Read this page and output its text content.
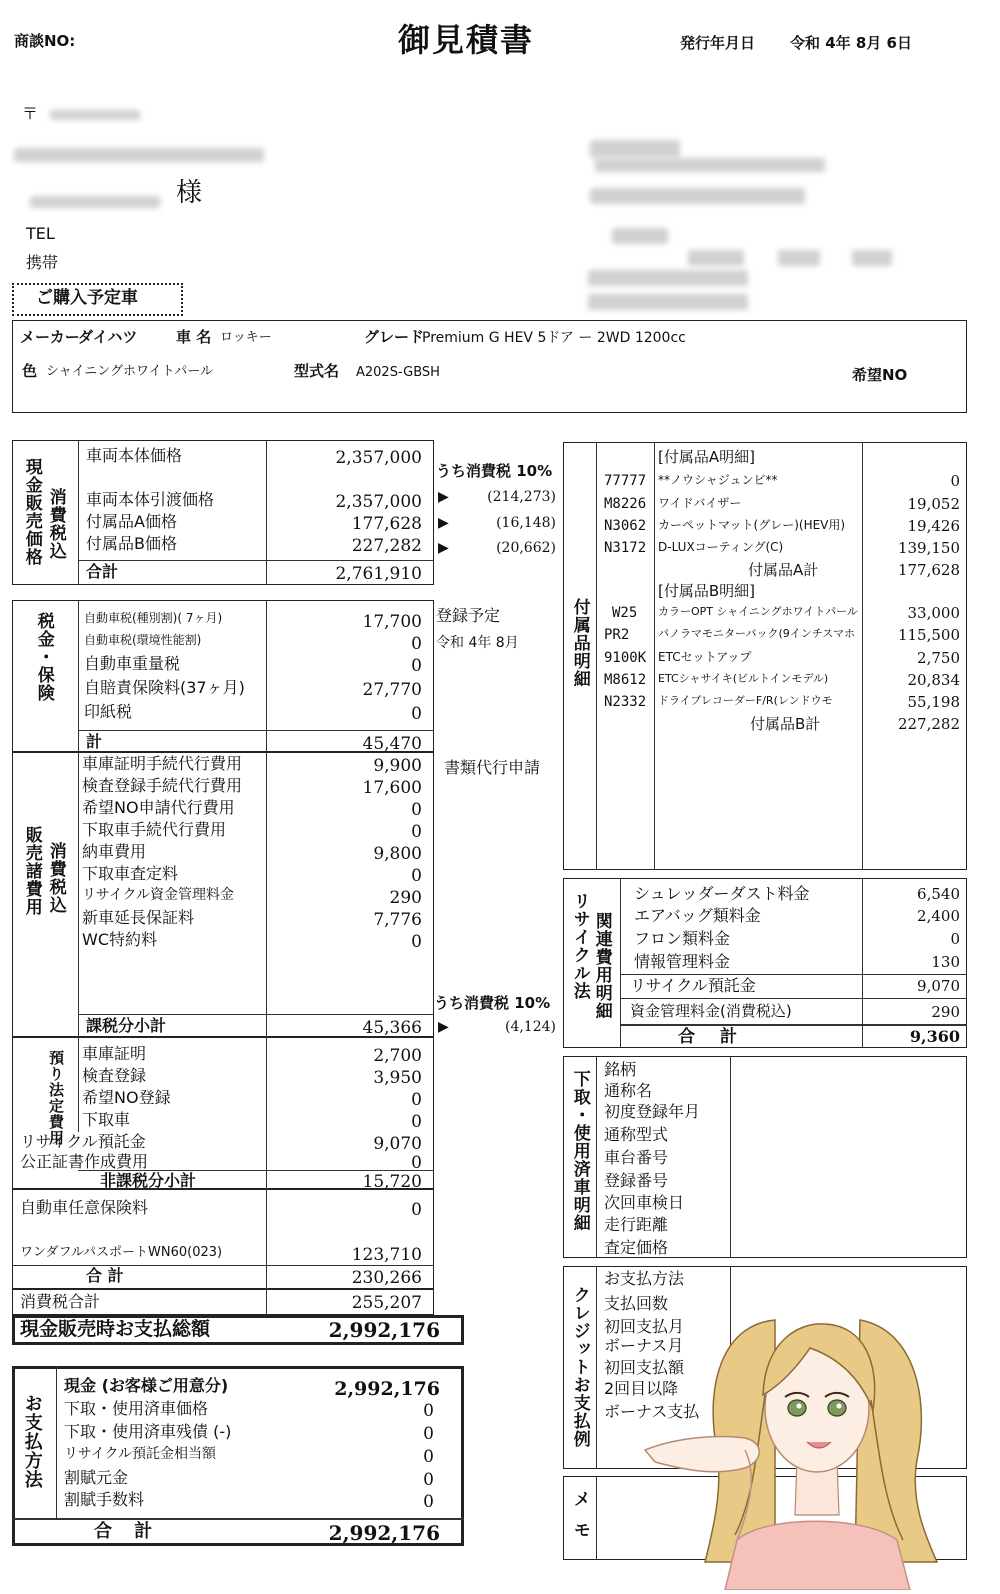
商談NO:	御見積書	発行年月日 令和 4年 8月 6日
〒
様
TEL
携帯
ご購入予定車
メーカー
ダイハツ	車 名 ロッキー	グレード
Premium G HEV 5ドア ー 2WD 1200cc
色 シャイニングホワイトパール	型式名 A202S-GBSH	希望NO
現金販売価格 消費税込
車両本体価格	2,357,000
車両本体引渡価格	2,357,000
付属品A価格	177,628
付属品B価格	227,282
合計	2,761,910
うち消費税 10%
▶	(214,273)
▶	(16,148)
▶	(20,662)
税金・保険	自動車税(種別割)( 7ヶ月)	17,700
自動車税(環境性能割)	0
自動車重量税	0
自賠責保険料(37ヶ月)	27,770
印紙税	0
計	45,470
登録予定
令和 4年 8月
販売諸費用 消費税込
車庫証明手続代行費用	9,900
検査登録手続代行費用	17,600
希望NO申請代行費用	0
下取車手続代行費用	0
納車費用	9,800
下取車査定料	0
リサイクル資金管理料金	290
新車延長保証料	7,776
WC特約料	0
課税分小計	45,366
書類代行申請
うち消費税 10%
▶	(4,124)
預り法定費用 車庫証明	2,700
検査登録	3,950
希望NO登録	0
下取車	0
リサイクル預託金	9,070
公正証書作成費用	0
非課税分小計	15,720
自動車任意保険料	0
ワンダフルパスポートWN60(023)	123,710
合 計	230,266
消費税合計	255,207
現金販売時お支払総額	2,992,176
お支払方法
現金 (お客様ご用意分)	2,992,176
下取・使用済車価格	0
下取・使用済車残債 (-)	0
リサイクル預託金相当額	0
割賦元金	0
割賦手数料	0
合 計	2,992,176
付属品明細
[付属品A明細]
77777 **ノウシャジュンビ**	0
M8226 ワイドバイザー	19,052
N3062 カーペットマット(グレー)(HEV用)	19,426
N3172 D-LUXコーティング(C)	139,150
付属品A計	177,628
[付属品B明細]
W25 カラーOPT シャイニングホワイトパール	33,000
PR2	パノラマモニターパック(9インチスマホ	115,500
9100K ETCセットアップ	2,750
M8612 ETCシャサイキ(ビルトインモデル)	20,834
N2332 ドライブレコーダーF/R(レンドウモ	55,198
付属品B計	227,282
リサイクル法 関連費用明細
シュレッダーダスト料金	6,540
エアバッグ類料金	2,400
フロン類料金	0
情報管理料金	130
リサイクル預託金	9,070
資金管理料金(消費税込)	290
合　計	9,360
下取・使用済車明細
銘柄
通称名
初度登録年月
通称型式
車台番号
登録番号
次回車検日
走行距離
査定価格
クレジットお支払例
お支払方法
支払回数
初回支払月
ボーナス月
初回支払額
2回目以降
ボーナス支払
メモ
